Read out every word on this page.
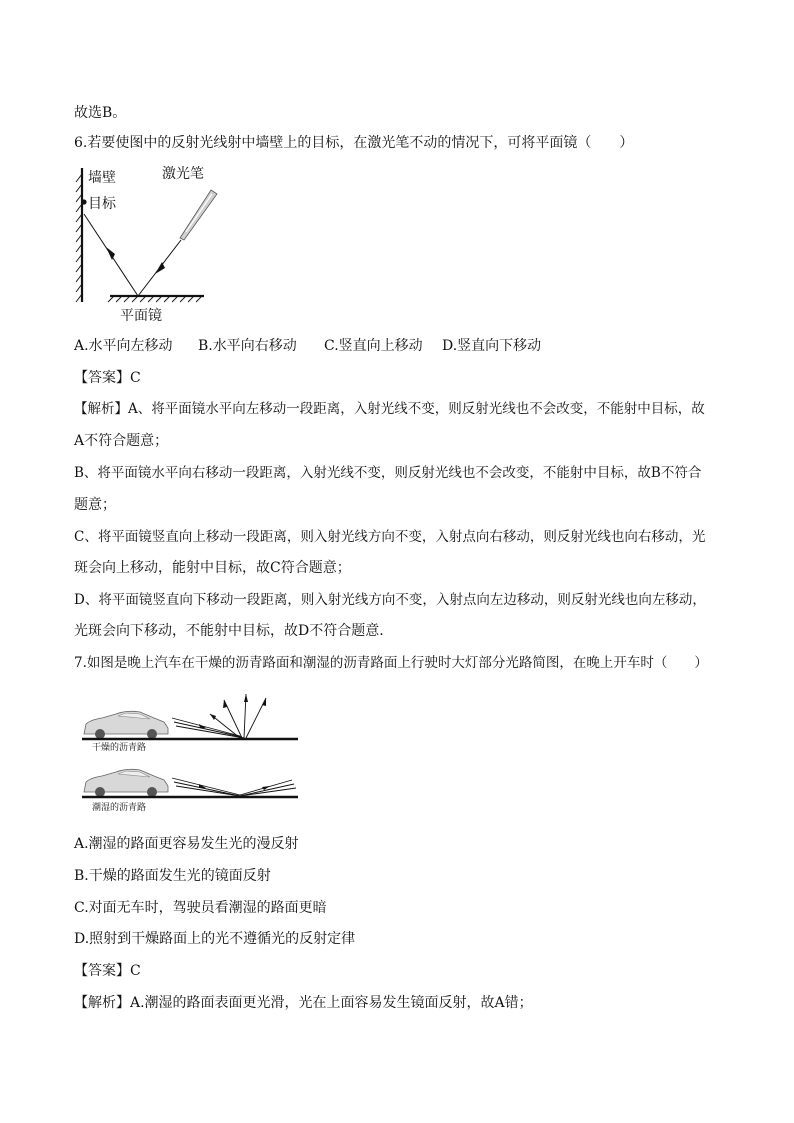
故选B。
6.若要使图中的反射光线射中墙壁上的目标，在激光笔不动的情况下，可将平面镜（　　）
墙壁
目标
激光笔
平面镜
A.水平向左移动 B.水平向右移动 C.竖直向上移动 D.竖直向下移动
【答案】C
【解析】A、将平面镜水平向左移动一段距离，入射光线不变，则反射光线也不会改变，不能射中目标，故
A不符合题意；
B、将平面镜水平向右移动一段距离，入射光线不变，则反射光线也不会改变，不能射中目标，故B不符合
题意；
C、将平面镜竖直向上移动一段距离，则入射光线方向不变，入射点向右移动，则反射光线也向右移动，光
斑会向上移动，能射中目标，故C符合题意；
D、将平面镜竖直向下移动一段距离，则入射光线方向不变，入射点向左边移动，则反射光线也向左移动，
光斑会向下移动，不能射中目标，故D不符合题意.
7.如图是晚上汽车在干燥的沥青路面和潮湿的沥青路面上行驶时大灯部分光路简图，在晚上开车时（　　）
干燥的沥青路
潮湿的沥青路
A.潮湿的路面更容易发生光的漫反射
B.干燥的路面发生光的镜面反射
C.对面无车时，驾驶员看潮湿的路面更暗
D.照射到干燥路面上的光不遵循光的反射定律
【答案】C
【解析】A.潮湿的路面表面更光滑，光在上面容易发生镜面反射，故A错；
